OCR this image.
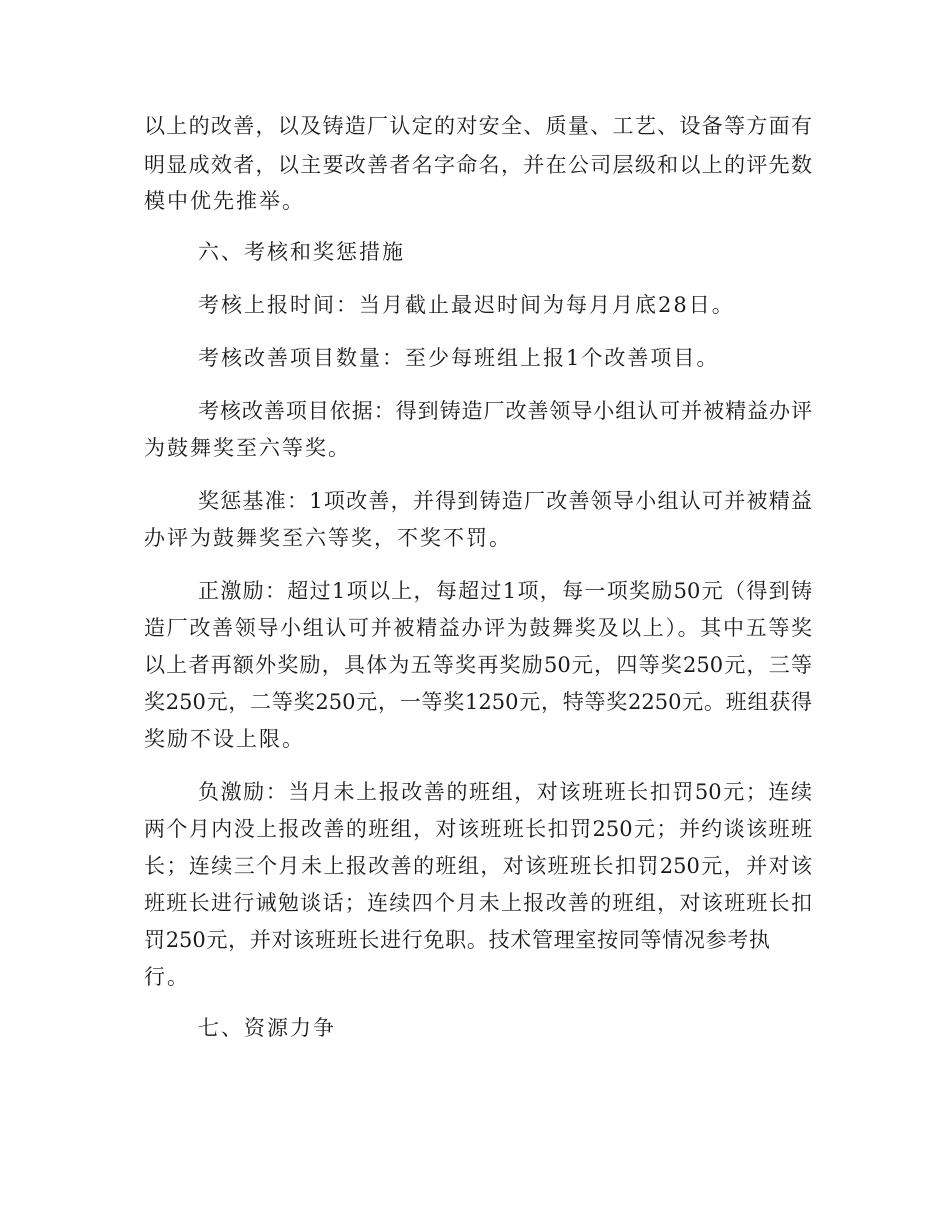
以上的改善，以及铸造厂认定的对安全、质量、工艺、设备等方面有
明显成效者，以主要改善者名字命名，并在公司层级和以上的评先数
模中优先推举。
六、考核和奖惩措施
考核上报时间：当月截止最迟时间为每月月底28日。
考核改善项目数量：至少每班组上报1个改善项目。
考核改善项目依据：得到铸造厂改善领导小组认可并被精益办评
为鼓舞奖至六等奖。
奖惩基准：1项改善，并得到铸造厂改善领导小组认可并被精益
办评为鼓舞奖至六等奖，不奖不罚。
正激励：超过1项以上，每超过1项，每一项奖励50元（得到铸
造厂改善领导小组认可并被精益办评为鼓舞奖及以上）。其中五等奖
以上者再额外奖励，具体为五等奖再奖励50元，四等奖250元，三等
奖250元，二等奖250元，一等奖1250元，特等奖2250元。班组获得
奖励不设上限。
负激励：当月未上报改善的班组，对该班班长扣罚50元；连续
两个月内没上报改善的班组，对该班班长扣罚250元；并约谈该班班
长；连续三个月未上报改善的班组，对该班班长扣罚250元，并对该
班班长进行诫勉谈话；连续四个月未上报改善的班组，对该班班长扣
罚250元，并对该班班长进行免职。技术管理室按同等情况参考执
行。
七、资源力争
